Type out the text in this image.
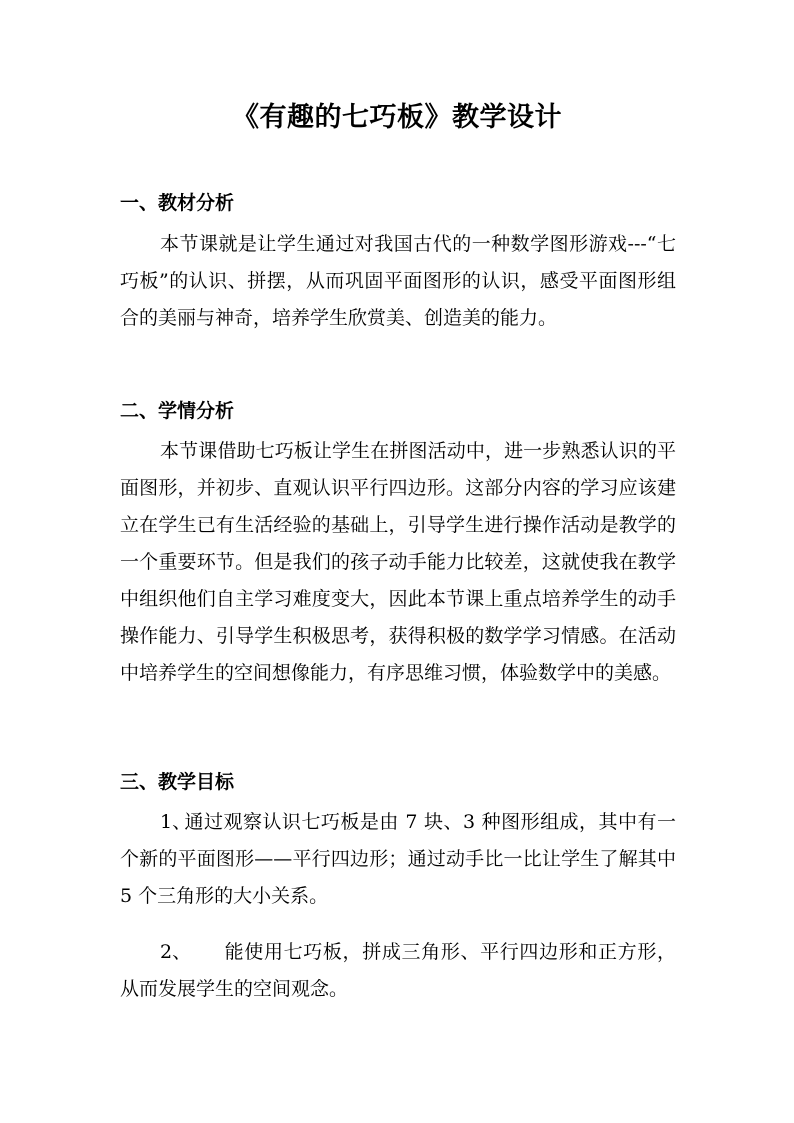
《有趣的七巧板》教学设计
一、教材分析

本节课就是让学生通过对我国古代的一种数学图形游戏---“七巧板”的认识、拼摆，从而巩固平面图形的认识，感受平面图形组合的美丽与神奇，培养学生欣赏美、创造美的能力。

二、学情分析

本节课借助七巧板让学生在拼图活动中，进一步熟悉认识的平面图形，并初步、直观认识平行四边形。这部分内容的学习应该建立在学生已有生活经验的基础上，引导学生进行操作活动是教学的一个重要环节。但是我们的孩子动手能力比较差，这就使我在教学中组织他们自主学习难度变大，因此本节课上重点培养学生的动手操作能力、引导学生积极思考，获得积极的数学学习情感。在活动中培养学生的空间想像能力，有序思维习惯，体验数学中的美感。

三、教学目标

1、通过观察认识七巧板是由 7 块、3 种图形组成，其中有一个新的平面图形——平行四边形；通过动手比一比让学生了解其中 5 个三角形的大小关系。

2、 能使用七巧板，拼成三角形、平行四边形和正方形，从而发展学生的空间观念。
